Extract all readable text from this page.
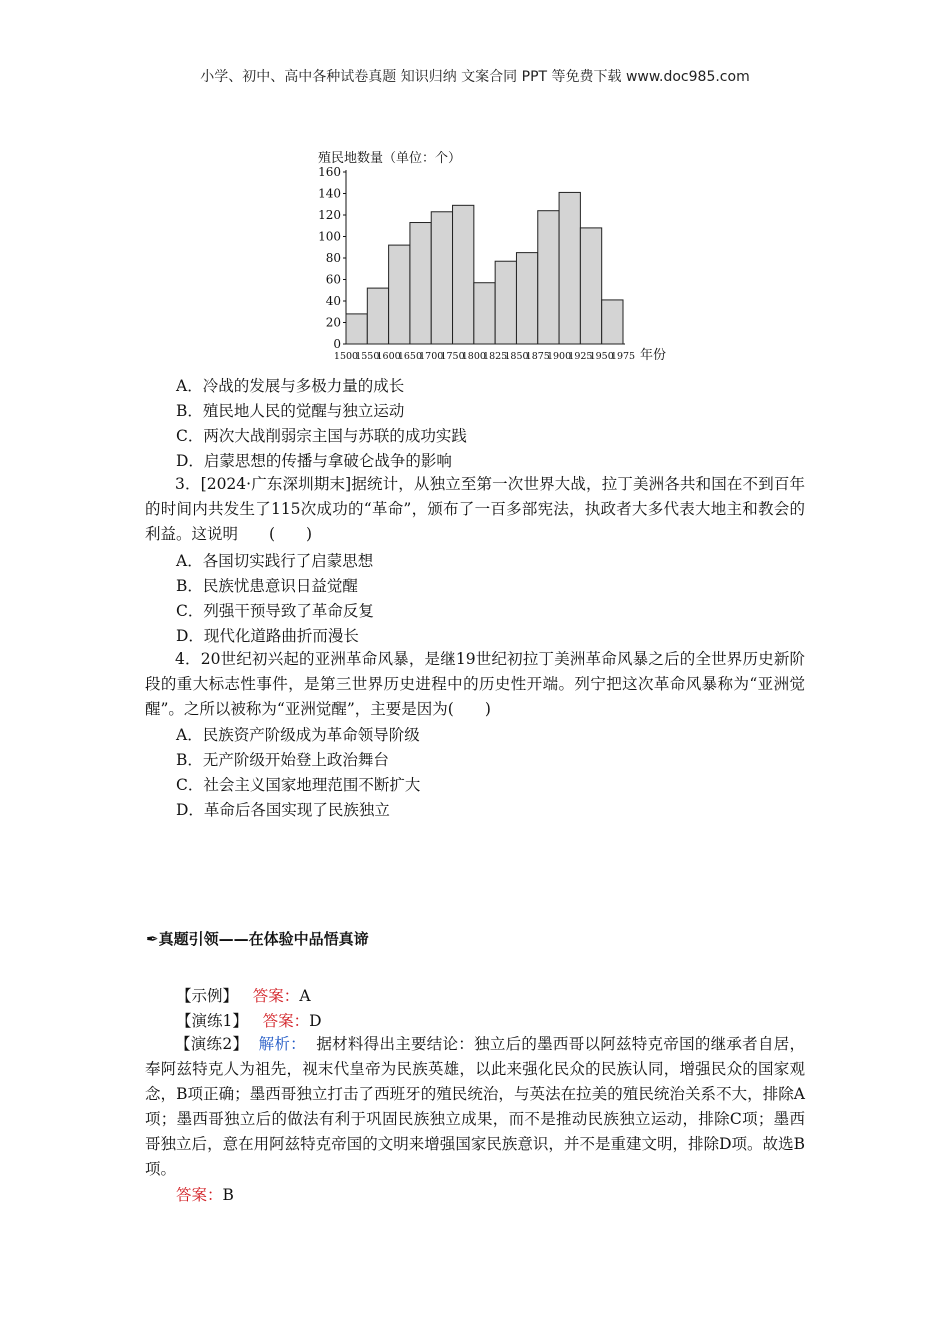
小学、初中、高中各种试卷真题 知识归纳 文案合同 PPT 等免费下载 www.doc985.com
殖民地数量（单位：个）
0
20
40
60
80
100
120
140
160
1500
1550
1600
1650
1700
1750
1800
1825
1850
1875
1900
1925
1950
1975 年份
A．冷战的发展与多极力量的成长
B．殖民地人民的觉醒与独立运动
C．两次大战削弱宗主国与苏联的成功实践
D．启蒙思想的传播与拿破仑战争的影响
3．[2024·广东深圳期末]据统计，从独立至第一次世界大战，拉丁美洲各共和国在不到百年的时间内共发生了115次成功的“革命”，颁布了一百多部宪法，执政者大多代表大地主和教会的利益。这说明　　(　　)
A．各国切实践行了启蒙思想
B．民族忧患意识日益觉醒
C．列强干预导致了革命反复
D．现代化道路曲折而漫长
4．20世纪初兴起的亚洲革命风暴，是继19世纪初拉丁美洲革命风暴之后的全世界历史新阶段的重大标志性事件，是第三世界历史进程中的历史性开端。列宁把这次革命风暴称为“亚洲觉醒”。之所以被称为“亚洲觉醒”，主要是因为(　　)
A．民族资产阶级成为革命领导阶级
B．无产阶级开始登上政治舞台
C．社会主义国家地理范围不断扩大
D．革命后各国实现了民族独立
✒真题引领——在体验中品悟真谛
【示例】 答案：A
【演练1】 答案：D
【演练2】 解析： 据材料得出主要结论：独立后的墨西哥以阿兹特克帝国的继承者自居，奉阿兹特克人为祖先，视末代皇帝为民族英雄，以此来强化民众的民族认同，增强民众的国家观念，B项正确；墨西哥独立打击了西班牙的殖民统治，与英法在拉美的殖民统治关系不大，排除A项；墨西哥独立后的做法有利于巩固民族独立成果，而不是推动民族独立运动，排除C项；墨西哥独立后，意在用阿兹特克帝国的文明来增强国家民族意识，并不是重建文明，排除D项。故选B项。
答案：B
